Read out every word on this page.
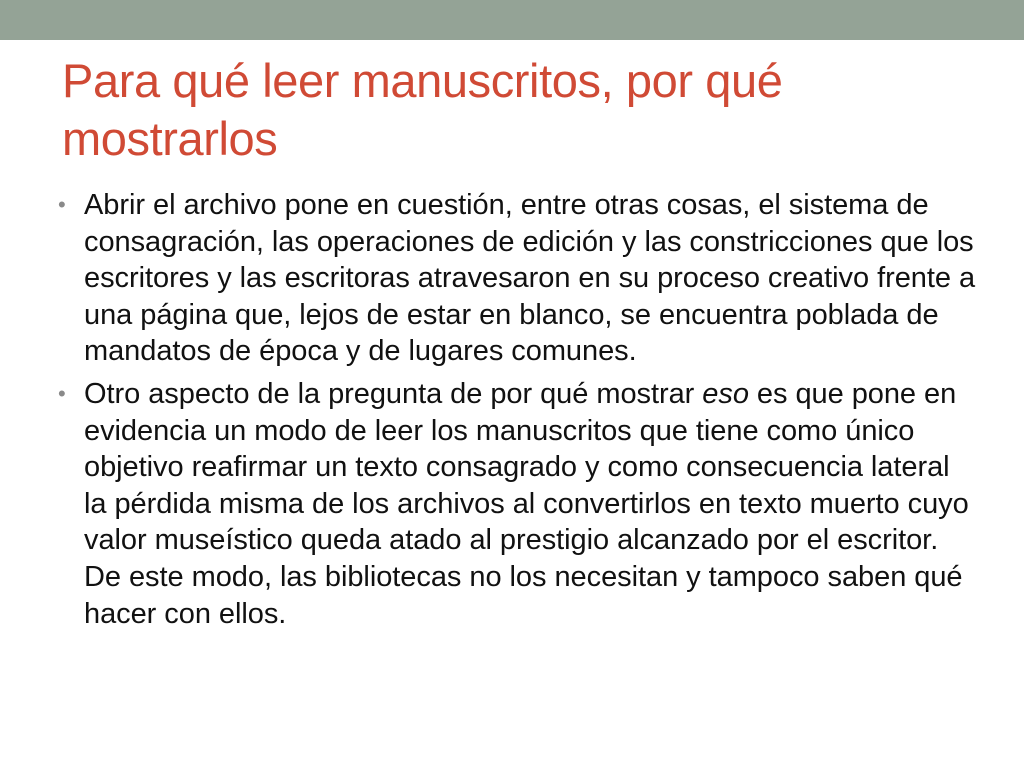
Para qué leer manuscritos, por qué mostrarlos
• Abrir el archivo pone en cuestión, entre otras cosas, el sistema de consagración, las operaciones de edición y las constricciones que los escritores y las escritoras atravesaron en su proceso creativo frente a una página que, lejos de estar en blanco, se encuentra poblada de mandatos de época y de lugares comunes.
• Otro aspecto de la pregunta de por qué mostrar eso es que pone en evidencia un modo de leer los manuscritos que tiene como único objetivo reafirmar un texto consagrado y como consecuencia lateral la pérdida misma de los archivos al convertirlos en texto muerto cuyo valor museístico queda atado al prestigio alcanzado por el escritor. De este modo, las bibliotecas no los necesitan y tampoco saben qué hacer con ellos.
